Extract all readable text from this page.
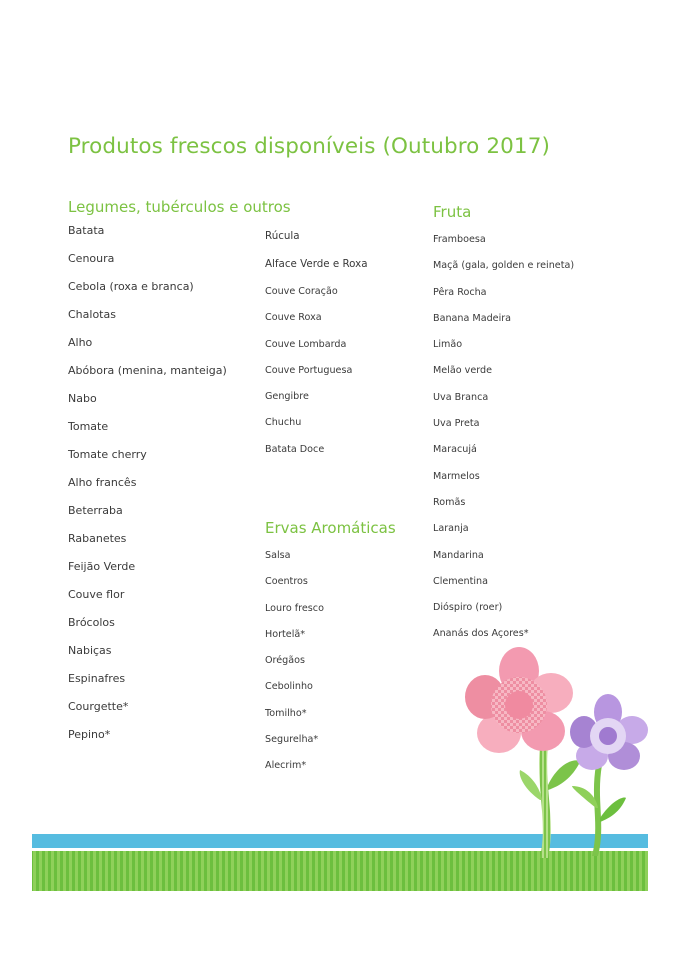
Produtos frescos disponíveis (Outubro 2017)
Legumes, tubérculos e outros
Batata
Cenoura
Cebola (roxa e branca)
Chalotas
Alho
Abóbora (menina, manteiga)
Nabo
Tomate
Tomate cherry
Alho francês
Beterraba
Rabanetes
Feijão Verde
Couve flor
Brócolos
Nabiças
Espinafres
Courgette*
Pepino*
Rúcula
Alface Verde e Roxa
Couve Coração
Couve Roxa
Couve Lombarda
Couve Portuguesa
Gengibre
Chuchu
Batata Doce
Ervas Aromáticas
Salsa
Coentros
Louro fresco
Hortelã*
Orégãos
Cebolinho
Tomilho*
Segurelha*
Alecrim*
Fruta
Framboesa
Maçã (gala, golden e reineta)
Pêra Rocha
Banana Madeira
Limão
Melão verde
Uva Branca
Uva Preta
Maracujá
Marmelos
Romãs
Laranja
Mandarina
Clementina
Dióspiro (roer)
Ananás dos Açores*
